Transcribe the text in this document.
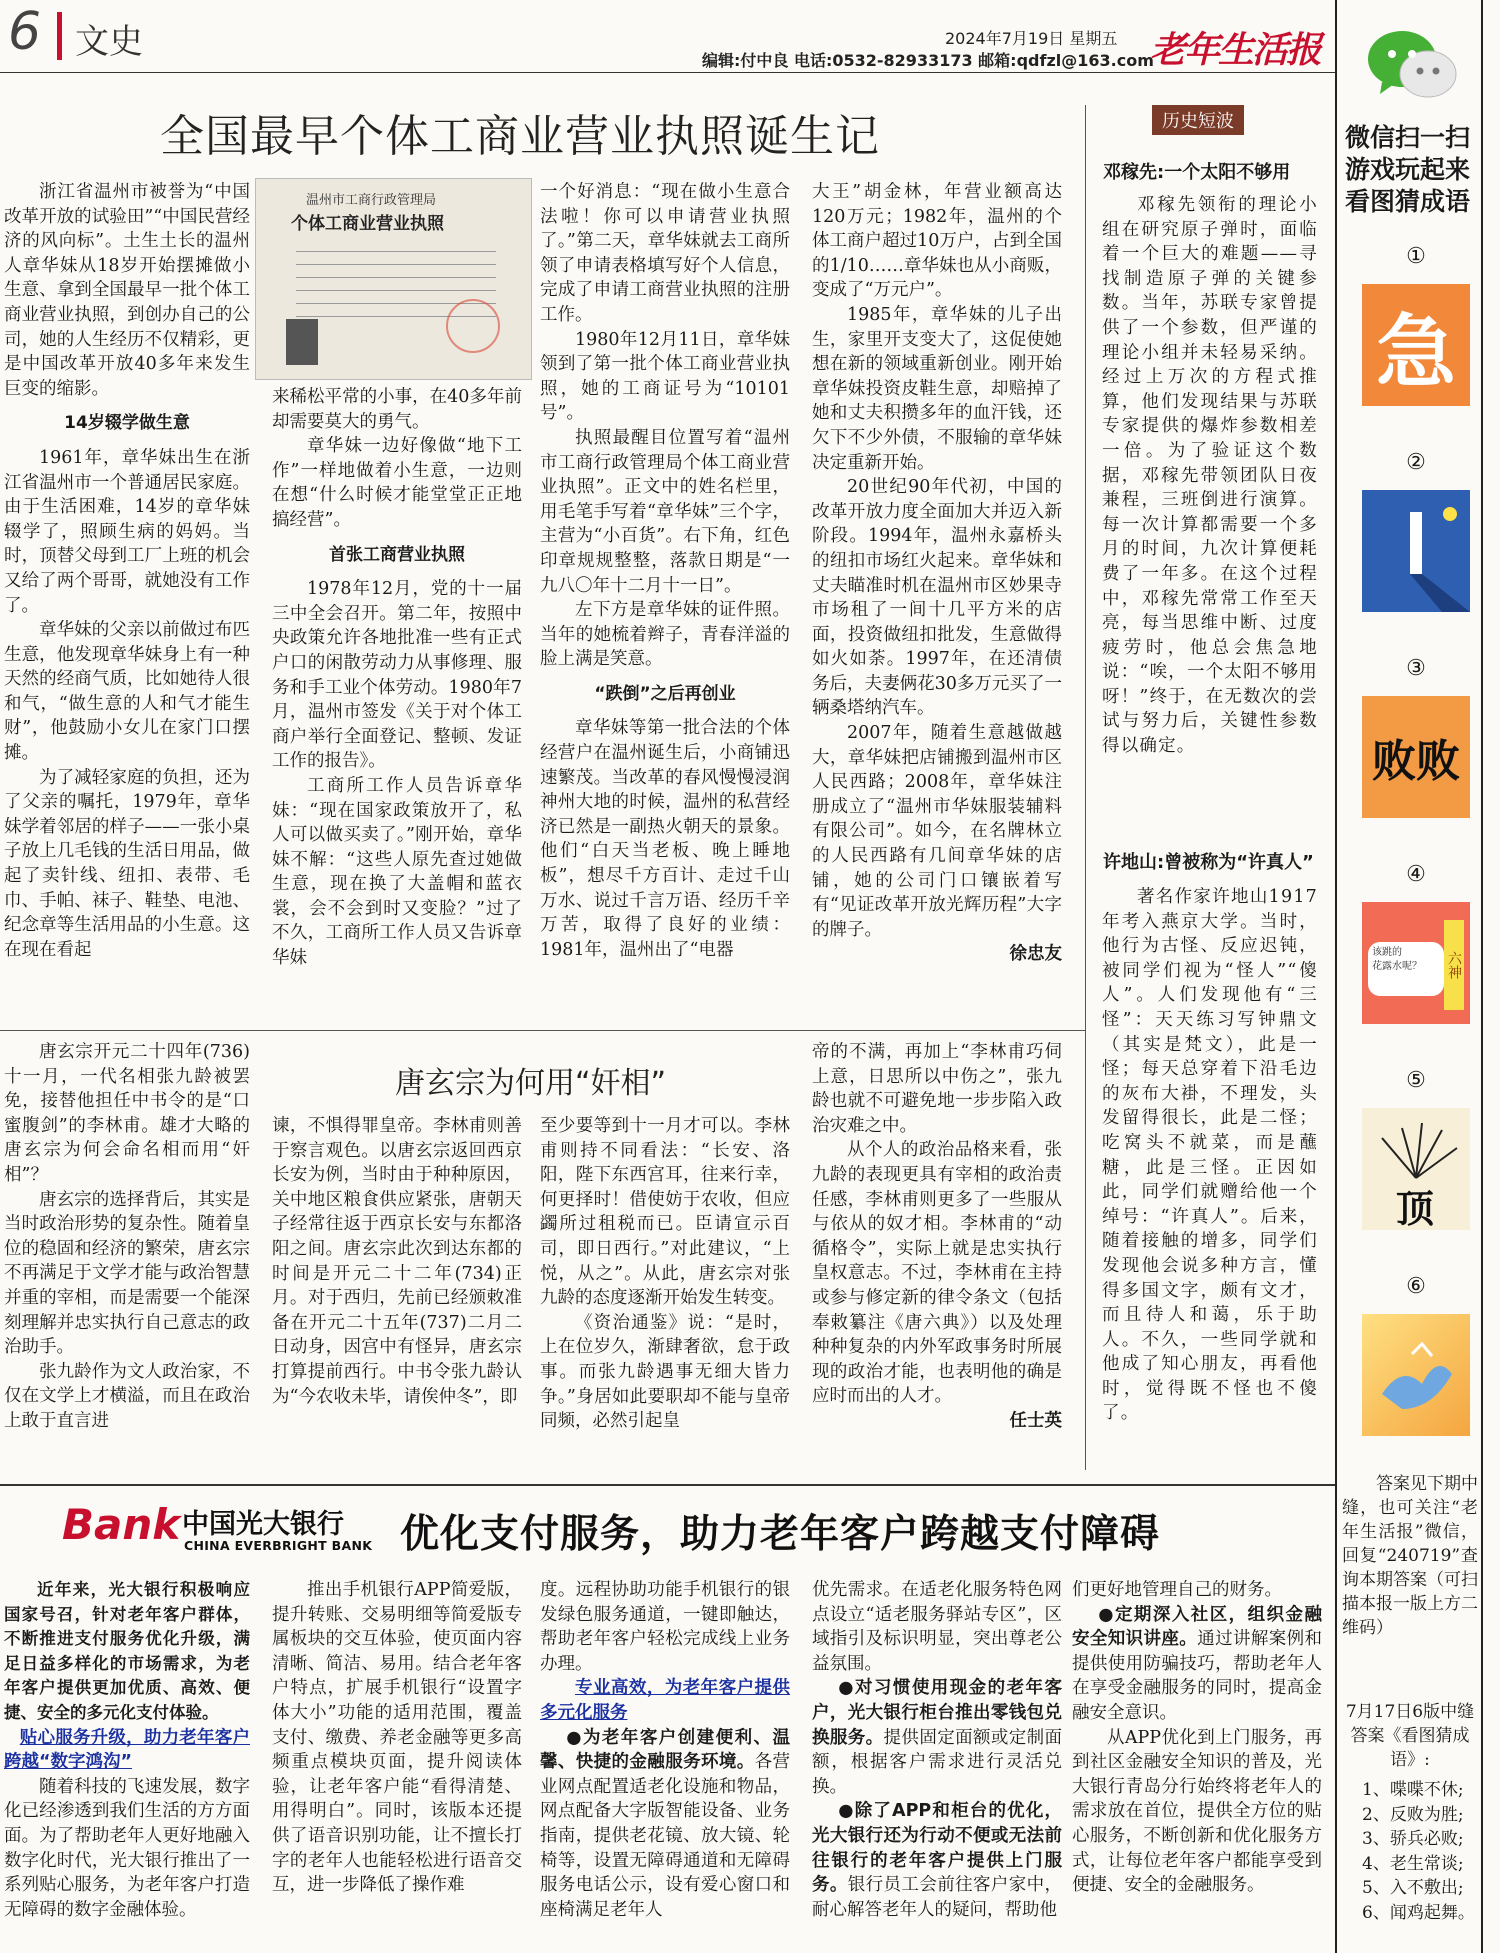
6 文史	2024年7月19日 星期五
编辑:付中良 电话:0532-82933173 邮箱:qdfzl@163.com
老年生活报
全国最早个体工商业营业执照诞生记
温州市工商行政管理局
个体工商业营业执照

浙江省温州市被誉为“中国改革开放的试验田”“中国民营经济的风向标”。土生土长的温州人章华妹从18岁开始摆摊做小生意、拿到全国最早一批个体工商业营业执照，到创办自己的公司，她的人生经历不仅精彩，更是中国改革开放40多年来发生巨变的缩影。

14岁辍学做生意

1961年，章华妹出生在浙江省温州市一个普通居民家庭。由于生活困难，14岁的章华妹辍学了，照顾生病的妈妈。当时，顶替父母到工厂上班的机会又给了两个哥哥，就她没有工作了。

章华妹的父亲以前做过布匹生意，他发现章华妹身上有一种天然的经商气质，比如她待人很和气，“做生意的人和气才能生财”，他鼓励小女儿在家门口摆摊。

为了减轻家庭的负担，还为了父亲的嘱托，1979年，章华妹学着邻居的样子——一张小桌子放上几毛钱的生活日用品，做起了卖针线、纽扣、表带、毛巾、手帕、袜子、鞋垫、电池、纪念章等生活用品的小生意。这在现在看起

来稀松平常的小事，在40多年前却需要莫大的勇气。

章华妹一边好像做“地下工作”一样地做着小生意，一边则在想“什么时候才能堂堂正正地搞经营”。

首张工商营业执照

1978年12月，党的十一届三中全会召开。第二年，按照中央政策允许各地批准一些有正式户口的闲散劳动力从事修理、服务和手工业个体劳动。1980年7月，温州市签发《关于对个体工商户举行全面登记、整顿、发证工作的报告》。

工商所工作人员告诉章华妹：“现在国家政策放开了，私人可以做买卖了。”刚开始，章华妹不解：“这些人原先查过她做生意，现在换了大盖帽和蓝衣裳，会不会到时又变脸？”过了不久，工商所工作人员又告诉章华妹

一个好消息：“现在做小生意合法啦！你可以申请营业执照了。”第二天，章华妹就去工商所领了申请表格填写好个人信息，完成了申请工商营业执照的注册工作。

1980年12月11日，章华妹领到了第一批个体工商业营业执照，她的工商证号为“10101号”。

执照最醒目位置写着“温州市工商行政管理局个体工商业营业执照”。正文中的姓名栏里，用毛笔手写着“章华妹”三个字，主营为“小百货”。右下角，红色印章规规整整，落款日期是“一九八〇年十二月十一日”。

左下方是章华妹的证件照。当年的她梳着辫子，青春洋溢的脸上满是笑意。

“跌倒”之后再创业

章华妹等第一批合法的个体经营户在温州诞生后，小商铺迅速繁茂。当改革的春风慢慢浸润神州大地的时候，温州的私营经济已然是一副热火朝天的景象。他们“白天当老板、晚上睡地板”，想尽千方百计、走过千山万水、说过千言万语、经历千辛万苦，取得了良好的业绩：1981年，温州出了“电器

大王”胡金林，年营业额高达120万元；1982年，温州的个体工商户超过10万户，占到全国的1/10……章华妹也从小商贩，变成了“万元户”。

1985年，章华妹的儿子出生，家里开支变大了，这促使她想在新的领域重新创业。刚开始章华妹投资皮鞋生意，却赔掉了她和丈夫积攒多年的血汗钱，还欠下不少外债，不服输的章华妹决定重新开始。

20世纪90年代初，中国的改革开放力度全面加大并迈入新阶段。1994年，温州永嘉桥头的纽扣市场红火起来。章华妹和丈夫瞄准时机在温州市区妙果寺市场租了一间十几平方米的店面，投资做纽扣批发，生意做得如火如荼。1997年，在还清债务后，夫妻俩花30多万元买了一辆桑塔纳汽车。

2007年，随着生意越做越大，章华妹把店铺搬到温州市区人民西路；2008年，章华妹注册成立了“温州市华妹服装辅料有限公司”。如今，在名牌林立的人民西路有几间章华妹的店铺，她的公司门口镶嵌着写有“见证改革开放光辉历程”大字的牌子。

徐忠友

历史短波
邓稼先:一个太阳不够用

邓稼先领衔的理论小组在研究原子弹时，面临着一个巨大的难题——寻找制造原子弹的关键参数。当年，苏联专家曾提供了一个参数，但严谨的理论小组并未轻易采纳。经过上万次的方程式推算，他们发现结果与苏联专家提供的爆炸参数相差一倍。为了验证这个数据，邓稼先带领团队日夜兼程，三班倒进行演算。每一次计算都需要一个多月的时间，九次计算便耗费了一年多。在这个过程中，邓稼先常常工作至天亮，每当思维中断、过度疲劳时，他总会焦急地说：“唉，一个太阳不够用呀！”终于，在无数次的尝试与努力后，关键性参数得以确定。

许地山:曾被称为“许真人”

著名作家许地山1917年考入燕京大学。当时，他行为古怪、反应迟钝，被同学们视为“怪人”“傻人”。人们发现他有“三怪”：天天练习写钟鼎文（其实是梵文），此是一怪；每天总穿着下沿毛边的灰布大褂，不理发，头发留得很长，此是二怪；吃窝头不就菜，而是蘸糖，此是三怪。正因如此，同学们就赠给他一个绰号：“许真人”。后来，随着接触的增多，同学们发现他会说多种方言，懂得多国文字，颇有文才，而且待人和蔼，乐于助人。不久，一些同学就和他成了知心朋友，再看他时，觉得既不怪也不傻了。

唐玄宗为何用“奸相”

唐玄宗开元二十四年(736)十一月，一代名相张九龄被罢免，接替他担任中书令的是“口蜜腹剑”的李林甫。雄才大略的唐玄宗为何会命名相而用“奸相”？

唐玄宗的选择背后，其实是当时政治形势的复杂性。随着皇位的稳固和经济的繁荣，唐玄宗不再满足于文学才能与政治智慧并重的宰相，而是需要一个能深刻理解并忠实执行自己意志的政治助手。

张九龄作为文人政治家，不仅在文学上才横溢，而且在政治上敢于直言进

谏，不惧得罪皇帝。李林甫则善于察言观色。以唐玄宗返回西京长安为例，当时由于种种原因，关中地区粮食供应紧张，唐朝天子经常往返于西京长安与东都洛阳之间。唐玄宗此次到达东都的时间是开元二十二年(734)正月。对于西归，先前已经颁敕准备在开元二十五年(737)二月二日动身，因宫中有怪异，唐玄宗打算提前西行。中书令张九龄认为“今农收未毕，请俟仲冬”，即

至少要等到十一月才可以。李林甫则持不同看法：“长安、洛阳，陛下东西宫耳，往来行幸，何更择时！借使妨于农收，但应蠲所过租税而已。臣请宣示百司，即日西行。”对此建议，“上悦，从之”。从此，唐玄宗对张九龄的态度逐渐开始发生转变。

《资治通鉴》说：“是时，上在位岁久，渐肆奢欲，怠于政事。而张九龄遇事无细大皆力争。”身居如此要职却不能与皇帝同频，必然引起皇

帝的不满，再加上“李林甫巧伺上意，日思所以中伤之”，张九龄也就不可避免地一步步陷入政治灾难之中。

从个人的政治品格来看，张九龄的表现更具有宰相的政治责任感，李林甫则更多了一些服从与依从的奴才相。李林甫的“动循格令”，实际上就是忠实执行皇权意志。不过，李林甫在主持或参与修定新的律令条文（包括奉敕纂注《唐六典》）以及处理种种复杂的内外军政事务时所展现的政治才能，也表明他的确是应时而出的人才。

任士英

Bank 中国光大银行
CHINA EVERBRIGHT BANK 优化支付服务，助力老年客户跨越支付障碍

近年来，光大银行积极响应国家号召，针对老年客户群体，不断推进支付服务优化升级，满足日益多样化的市场需求，为老年客户提供更加优质、高效、便捷、安全的多元化支付体验。

贴心服务升级，助力老年客户跨越“数字鸿沟”

随着科技的飞速发展，数字化已经渗透到我们生活的方方面面。为了帮助老年人更好地融入数字化时代，光大银行推出了一系列贴心服务，为老年客户打造无障碍的数字金融体验。

推出手机银行APP简爱版，提升转账、交易明细等简爱版专属板块的交互体验，使页面内容清晰、简洁、易用。结合老年客户特点，扩展手机银行“设置字体大小”功能的适用范围，覆盖支付、缴费、养老金融等更多高频重点模块页面，提升阅读体验，让老年客户能“看得清楚、用得明白”。同时，该版本还提供了语音识别功能，让不擅长打字的老年人也能轻松进行语音交互，进一步降低了操作难

度。远程协助功能手机银行的银发绿色服务通道，一键即触达，帮助老年客户轻松完成线上业务办理。

专业高效，为老年客户提供多元化服务

●为老年客户创建便利、温馨、快捷的金融服务环境。各营业网点配置适老化设施和物品，网点配备大字版智能设备、业务指南，提供老花镜、放大镜、轮椅等，设置无障碍通道和无障碍服务电话公示，设有爱心窗口和座椅满足老年人

优先需求。在适老化服务特色网点设立“适老服务驿站专区”，区域指引及标识明显，突出尊老公益氛围。

●对习惯使用现金的老年客户，光大银行柜台推出零钱包兑换服务。提供固定面额或定制面额，根据客户需求进行灵活兑换。

●除了APP和柜台的优化，光大银行还为行动不便或无法前往银行的老年客户提供上门服务。银行员工会前往客户家中，耐心解答老年人的疑问，帮助他

们更好地管理自己的财务。

●定期深入社区，组织金融安全知识讲座。通过讲解案例和提供使用防骗技巧，帮助老年人在享受金融服务的同时，提高金融安全意识。

从APP优化到上门服务，再到社区金融安全知识的普及，光大银行青岛分行始终将老年人的需求放在首位，提供全方位的贴心服务，不断创新和优化服务方式，让每位老年客户都能享受到便捷、安全的金融服务。

微信扫一扫
游戏玩起来
看图猜成语
①
急
②
③
败败
④
该跳的
花露水呢？	六神
⑤
顶
⑥
答案见下期中缝，也可关注“老年生活报”微信，回复“240719”查询本期答案（可扫描本报一版上方二维码）
7月17日6版中缝答案《看图猜成语》:
1、喋喋不休;
2、反败为胜;
3、骄兵必败;
4、老生常谈;
5、入不敷出;
6、闻鸡起舞。
